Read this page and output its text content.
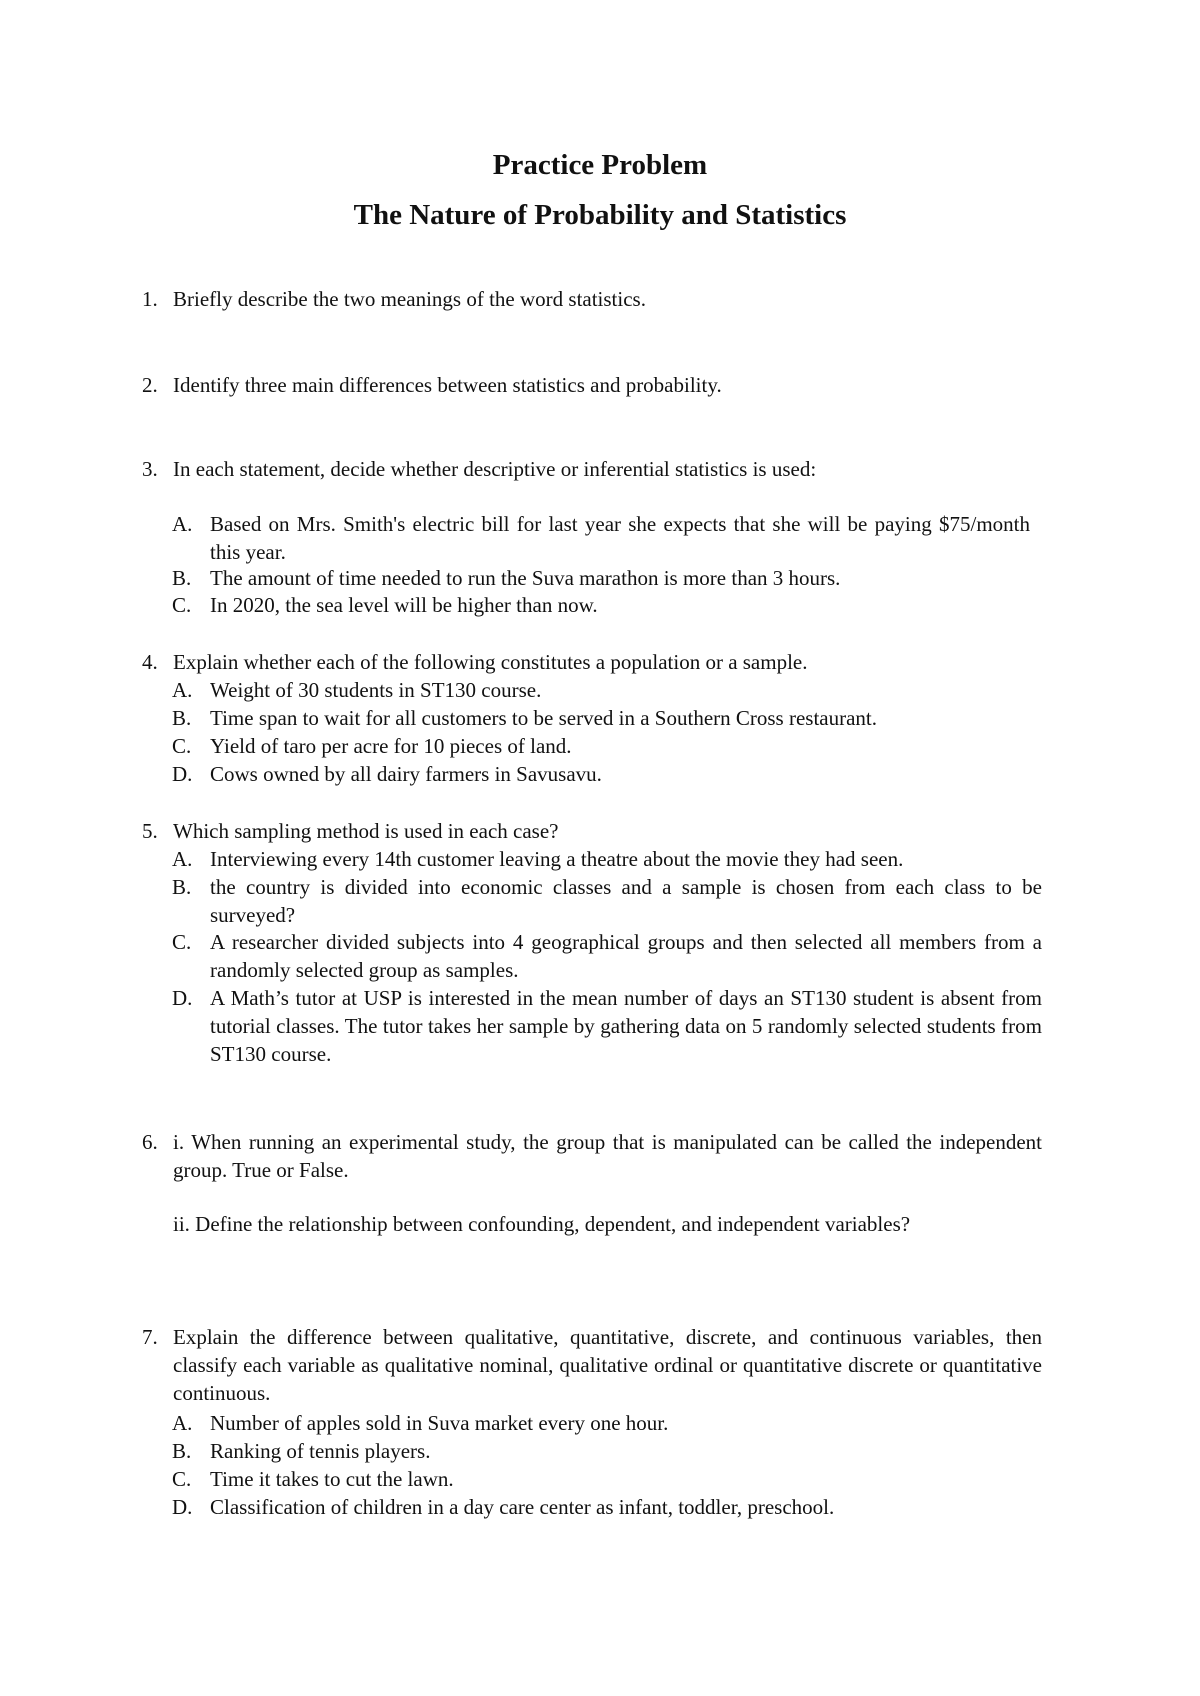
Practice Problem
The Nature of Probability and Statistics
1. Briefly describe the two meanings of the word statistics.
2. Identify three main differences between statistics and probability.
3. In each statement, decide whether descriptive or inferential statistics is used:
A. Based on Mrs. Smith's electric bill for last year she expects that she will be paying $75/month this year.
B. The amount of time needed to run the Suva marathon is more than 3 hours.
C. In 2020, the sea level will be higher than now.
4. Explain whether each of the following constitutes a population or a sample.
A. Weight of 30 students in ST130 course.
B. Time span to wait for all customers to be served in a Southern Cross restaurant.
C. Yield of taro per acre for 10 pieces of land.
D. Cows owned by all dairy farmers in Savusavu.
5. Which sampling method is used in each case?
A. Interviewing every 14th customer leaving a theatre about the movie they had seen.
B. the country is divided into economic classes and a sample is chosen from each class to be surveyed?
C. A researcher divided subjects into 4 geographical groups and then selected all members from a randomly selected group as samples.
D. A Math’s tutor at USP is interested in the mean number of days an ST130 student is absent from tutorial classes. The tutor takes her sample by gathering data on 5 randomly selected students from ST130 course.
6. i. When running an experimental study, the group that is manipulated can be called the independent group. True or False.
ii. Define the relationship between confounding, dependent, and independent variables?
7. Explain the difference between qualitative, quantitative, discrete, and continuous variables, then classify each variable as qualitative nominal, qualitative ordinal or quantitative discrete or quantitative continuous.
A. Number of apples sold in Suva market every one hour.
B. Ranking of tennis players.
C. Time it takes to cut the lawn.
D. Classification of children in a day care center as infant, toddler, preschool.
